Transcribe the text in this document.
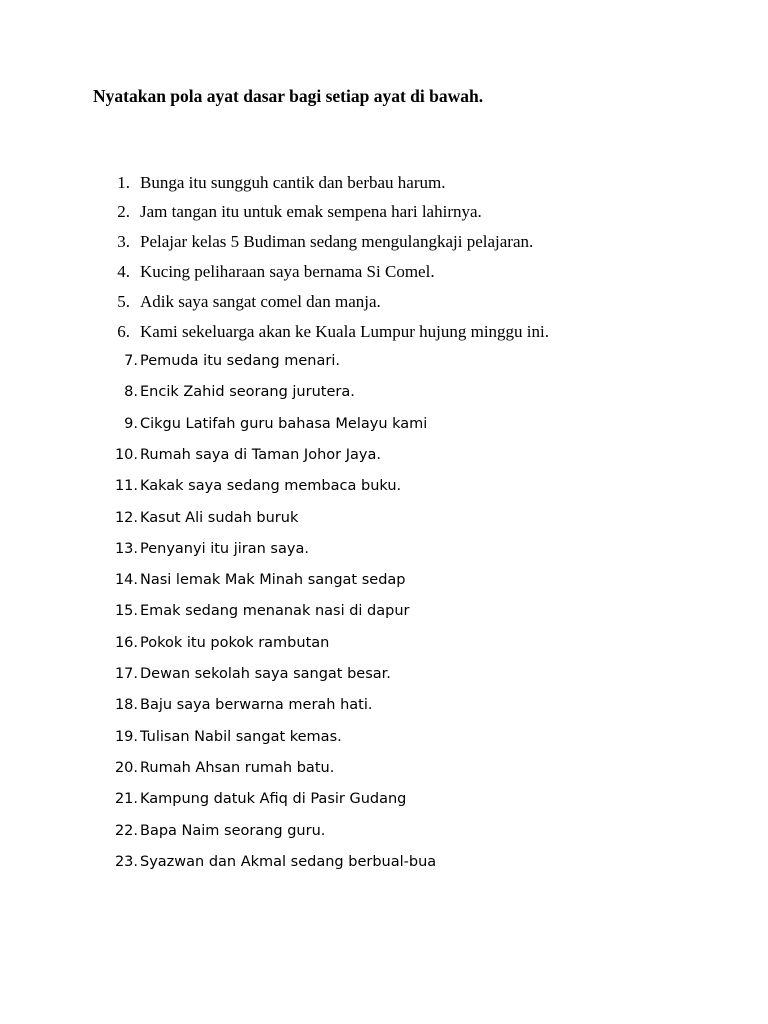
Nyatakan pola ayat dasar bagi setiap ayat di bawah.
1. Bunga itu sungguh cantik dan berbau harum.
2. Jam tangan itu untuk emak sempena hari lahirnya.
3. Pelajar kelas 5 Budiman sedang mengulangkaji pelajaran.
4. Kucing peliharaan saya bernama Si Comel.
5. Adik saya sangat comel dan manja.
6. Kami sekeluarga akan ke Kuala Lumpur hujung minggu ini.
7. Pemuda itu sedang menari.
8. Encik Zahid seorang jurutera.
9. Cikgu Latifah guru bahasa Melayu kami
10. Rumah saya di Taman Johor Jaya.
11. Kakak saya sedang membaca buku.
12. Kasut Ali sudah buruk
13. Penyanyi itu jiran saya.
14. Nasi lemak Mak Minah sangat sedap
15. Emak sedang menanak nasi di dapur
16. Pokok itu pokok rambutan
17. Dewan sekolah saya sangat besar.
18. Baju saya berwarna merah hati.
19. Tulisan Nabil sangat kemas.
20. Rumah Ahsan rumah batu.
21. Kampung datuk Afiq di Pasir Gudang
22. Bapa Naim seorang guru.
23. Syazwan dan Akmal sedang berbual-bua
